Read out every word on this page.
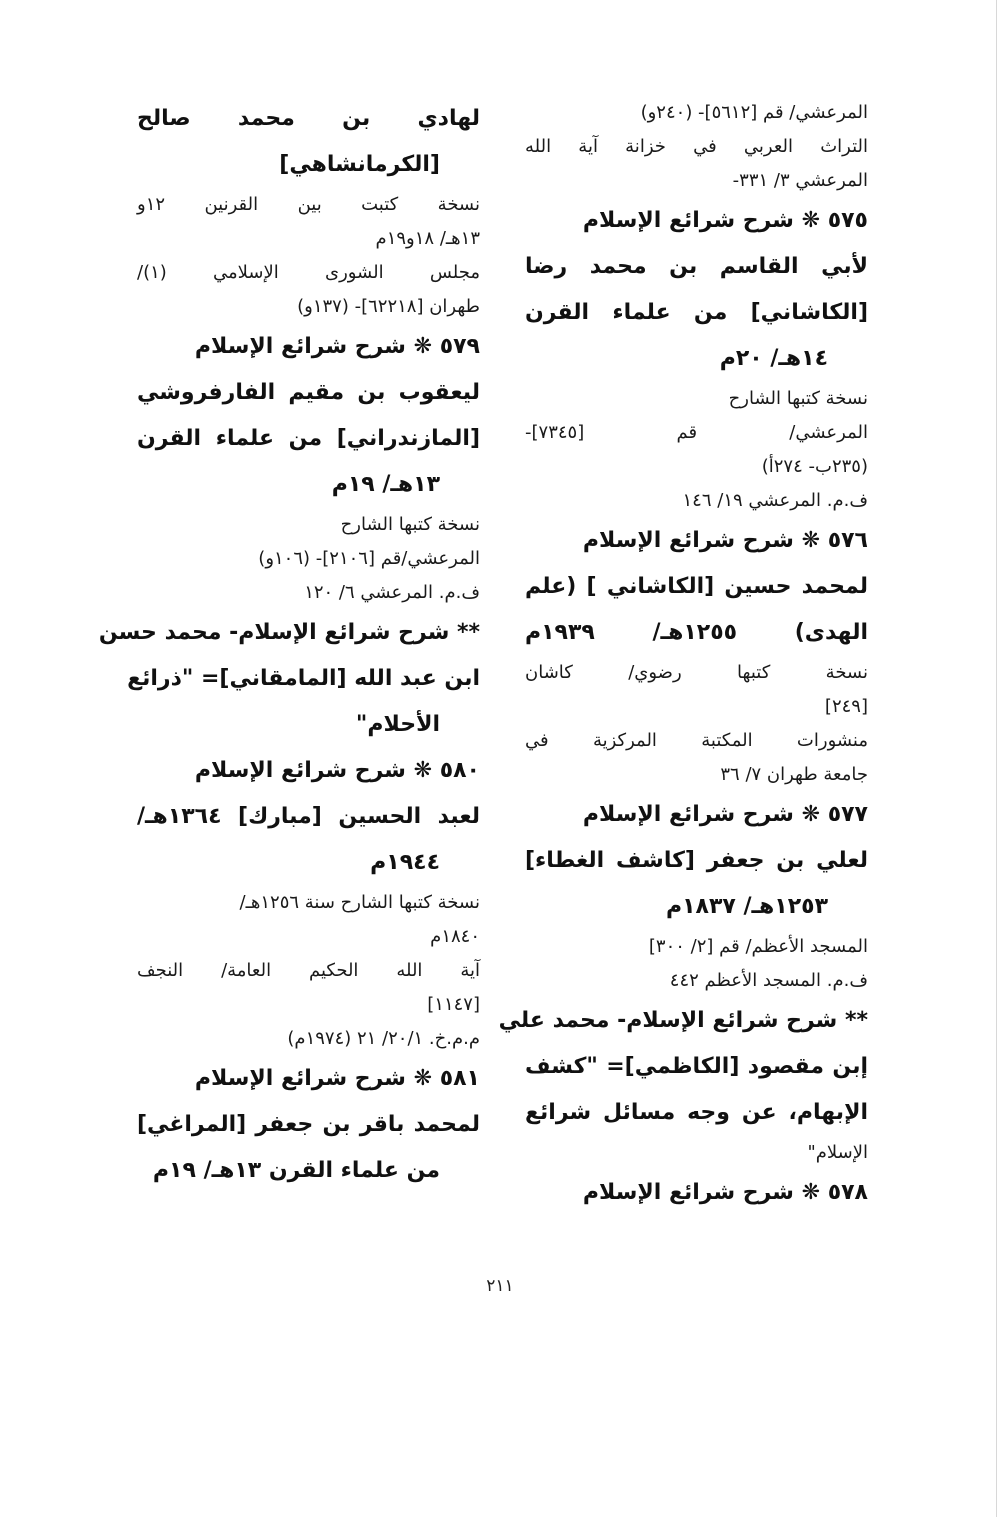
المرعشي/ قم [٥٦١٢]- (٢٤٠و)
التراث العربي في خزانة آية الله
المرعشي ٣/ ٣٣١-
٥٧٥ ❋ شرح شرائع الإسلام
لأبي القاسم بن محمد رضا
[الكاشاني] من علماء القرن
١٤هـ/ ٢٠م
نسخة كتبها الشارح
المرعشي/ قم [٧٣٤٥]-
(٢٣٥ب- ٢٧٤أ)
ف.م. المرعشي ١٩/ ١٤٦
٥٧٦ ❋ شرح شرائع الإسلام
لمحمد حسين [الكاشاني ] (علم
الهدى) ١٢٥٥هـ/ ١٩٣٩م
نسخة كتبها رضوي/ كاشان
[٢٤٩]
منشورات المكتبة المركزية في
جامعة طهران ٧/ ٣٦
٥٧٧ ❋ شرح شرائع الإسلام
لعلي بن جعفر [كاشف الغطاء]
١٢٥٣هـ/ ١٨٣٧م
المسجد الأعظم/ قم [٢/ ٣٠٠]
ف.م. المسجد الأعظم ٤٤٢
** شرح شرائع الإسلام- محمد علي
إبن مقصود [الكاظمي]= "كشف
الإبهام، عن وجه مسائل شرائع
الإسلام"
٥٧٨ ❋ شرح شرائع الإسلام
لهادي بن محمد صالح
[الكرمانشاهي]
نسخة كتبت بين القرنين ١٢و
١٣هـ/ ١٨و١٩م
مجلس الشورى الإسلامي (١)/
طهران [٦٢٢١٨]- (١٣٧و)
٥٧٩ ❋ شرح شرائع الإسلام
ليعقوب بن مقيم الفارفروشي
[المازندراني] من علماء القرن
١٣هـ/ ١٩م
نسخة كتبها الشارح
المرعشي/قم [٢١٠٦]- (١٠٦و)
ف.م. المرعشي ٦/ ١٢٠
** شرح شرائع الإسلام- محمد حسن
ابن عبد الله [المامقاني]= "ذرائع
الأحلام"
٥٨٠ ❋ شرح شرائع الإسلام
لعبد الحسين [مبارك] ١٣٦٤هـ/
١٩٤٤م
نسخة كتبها الشارح سنة ١٢٥٦هـ/
١٨٤٠م
آية الله الحكيم العامة/ النجف
[١١٤٧]
م.م.خ. ٢٠/١/ ٢١ (١٩٧٤م)
٥٨١ ❋ شرح شرائع الإسلام
لمحمد باقر بن جعفر [المراغي]
من علماء القرن ١٣هـ/ ١٩م
٢١١
